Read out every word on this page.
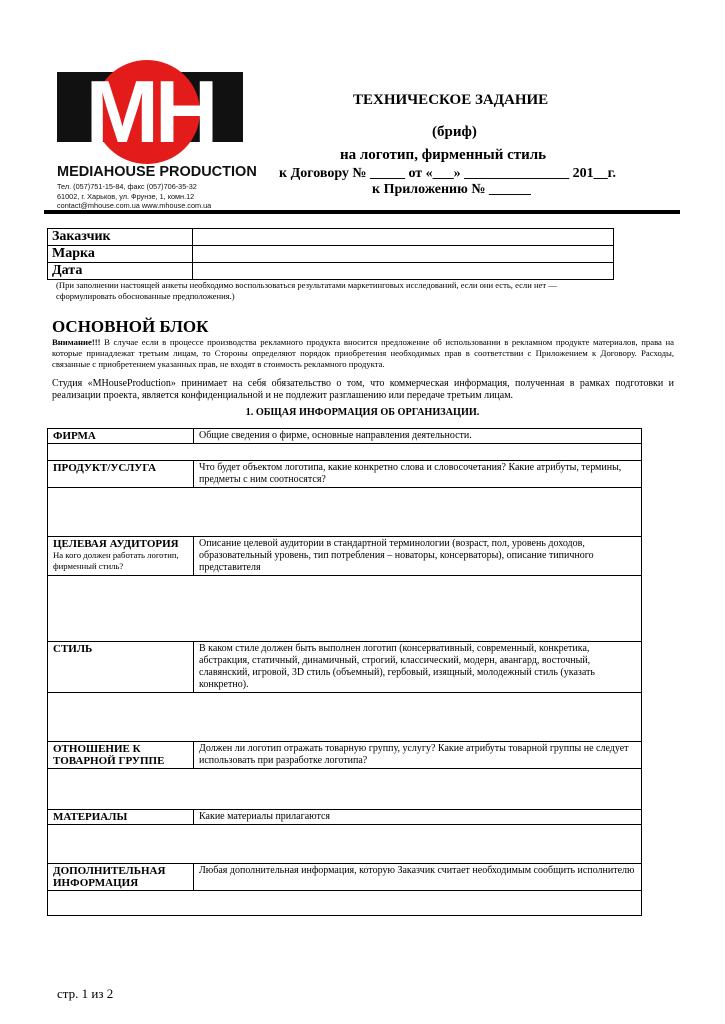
MH
MEDIAHOUSE PRODUCTION
Тел. (057)751-15-84, факс (057)706-35-32
61002, г. Харьков, ул. Фрунзе, 1, комн.12
contact@mhouse.com.ua www.mhouse.com.ua
ТЕХНИЧЕСКОЕ ЗАДАНИЕ
(бриф)
на логотип, фирменный стиль
к Договору № _____ от «___» _______________ 201__г.
к Приложению № ______
Заказчик	
Марка	
Дата	
(При заполнении настоящей анкеты необходимо воспользоваться результатами маркетинговых исследований, если они есть, если нет — сформулировать обоснованные предположения.)
ОСНОВНОЙ БЛОК
Внимание!!! В случае если в процессе производства рекламного продукта вносится предложение об использовании в рекламном продукте материалов, права на которые принадлежат третьим лицам, то Стороны определяют порядок приобретения необходимых прав в соответствии с Приложением к Договору. Расходы, связанные с приобретением указанных прав, не входят в стоимость рекламного продукта.
Студия «MHouseProduction» принимает на себя обязательство о том, что коммерческая информация, полученная в рамках подготовки и реализации проекта, является конфиденциальной и не подлежит разглашению или передаче третьим лицам.
1. ОБЩАЯ ИНФОРМАЦИЯ ОБ ОРГАНИЗАЦИИ.
ФИРМА	Общие сведения о фирме, основные направления деятельности.

ПРОДУКТ/УСЛУГА	Что будет объектом логотипа, какие конкретно слова и словосочетания? Какие атрибуты, термины, предметы с ним соотносятся?

ЦЕЛЕВАЯ АУДИТОРИЯ
На кого должен работать логотип, фирменный стиль?	Описание целевой аудитории в стандартной терминологии (возраст, пол, уровень доходов, образовательный уровень, тип потребления – новаторы, консерваторы), описание типичного представителя

СТИЛЬ	В каком стиле должен быть выполнен логотип (консервативный, современный, конкретика, абстракция, статичный, динамичный, строгий, классический, модерн, авангард, восточный, славянский, игровой, 3D стиль (объемный), гербовый, изящный, молодежный стиль (указать конкретно).

ОТНОШЕНИЕ К ТОВАРНОЙ ГРУППЕ	Должен ли логотип отражать товарную группу, услугу? Какие атрибуты товарной группы не следует использовать при разработке логотипа?

МАТЕРИАЛЫ	Какие материалы прилагаются

ДОПОЛНИТЕЛЬНАЯ ИНФОРМАЦИЯ	Любая дополнительная информация, которую Заказчик считает необходимым сообщить исполнителю

стр. 1 из 2
